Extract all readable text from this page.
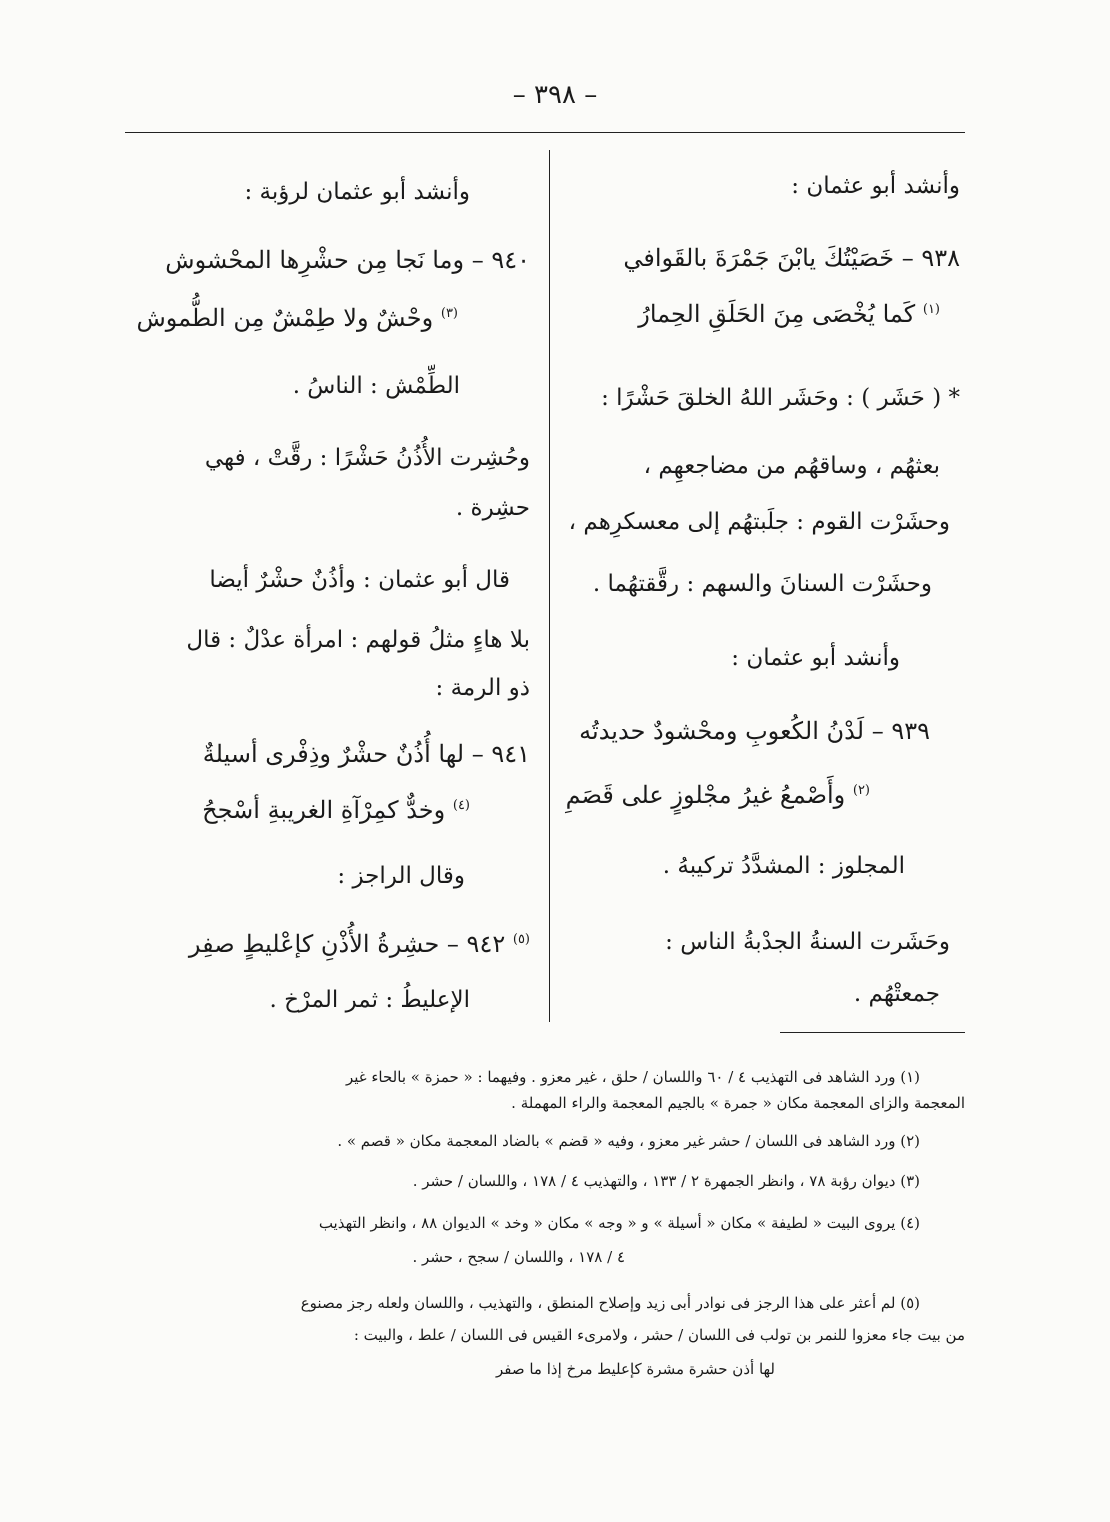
– ٣٩٨ –
وأنشد أبو عثمان :
٩٣٨ – خَصَيْتُكَ يابْنَ جَمْرَةَ بالقَوافي
$^{(١)}$ كَما يُخْصَى مِنَ الحَلَقِ الحِمارُ
* ( حَشَر ) : وحَشَر اللهُ الخلقَ حَشْرًا :
بعثهُم ، وساقهُم من مضاجعهِم ،
وحشَرْت القوم : جلَبتهُم إلى معسكرِهم ،
وحشَرْت السنانَ والسهم : رقَّقتهُما .
وأنشد أبو عثمان :
٩٣٩ – لَدْنُ الكُعوبِ ومحْشودٌ حديدتُه
$^{(٢)}$ وأَصْمعُ غيرُ مجْلوزٍ على قَصَمِ
المجلوز : المشدَّدُ تركيبهُ .
وحَشَرت السنةُ الجدْبةُ الناس :
جمعتْهُم .
وأنشد أبو عثمان لرؤبة :
٩٤٠ – وما نَجا مِن حشْرِها المحْشوش
$^{(٣)}$ وحْشٌ ولا طِمْشٌ مِن الطُّموش
الطِّمْش : الناسُ .
وحُشِرت الأُذُنُ حَشْرًا : رقَّتْ ، فهي
حشِرة .
قال أبو عثمان : وأذُنٌ حشْرٌ أيضا
بلا هاءٍ مثلُ قولهم : امرأة عدْلٌ : قال
ذو الرمة :
٩٤١ – لها أُذُنٌ حشْرٌ وذِفْرى أسيلةٌ
$^{(٤)}$ وخدٌّ كمِرْآةِ الغريبةِ أسْجحُ
وقال الراجز :
$^{(٥)}$ ٩٤٢ – حشِرةُ الأُذْنِ كإعْليطٍ صفِر
الإعليطُ : ثمر المرْخ .
(١) ورد الشاهد فى التهذيب ٤ / ٦٠ واللسان / حلق ، غير معزو . وفيهما : « حمزة » بالحاء غير
المعجمة والزاى المعجمة مكان « جمرة » بالجيم المعجمة والراء المهملة .
(٢) ورد الشاهد فى اللسان / حشر غير معزو ، وفيه « قضم » بالضاد المعجمة مكان « قصم » .
(٣) ديوان رؤبة ٧٨ ، وانظر الجمهرة ٢ / ١٣٣ ، والتهذيب ٤ / ١٧٨ ، واللسان / حشر .
(٤) يروى البيت « لطيفة » مكان « أسيلة » و « وجه » مكان « وخد » الديوان ٨٨ ، وانظر التهذيب
٤ / ١٧٨ ، واللسان / سجح ، حشر .
(٥) لم أعثر على هذا الرجز فى نوادر أبى زيد وإصلاح المنطق ، والتهذيب ، واللسان ولعله رجز مصنوع
من بيت جاء معزوا للنمر بن تولب فى اللسان / حشر ، ولامرىء القيس فى اللسان / علط ، والبيت :
لها أذن حشرة مشرة كإعليط مرخ إذا ما صفر
